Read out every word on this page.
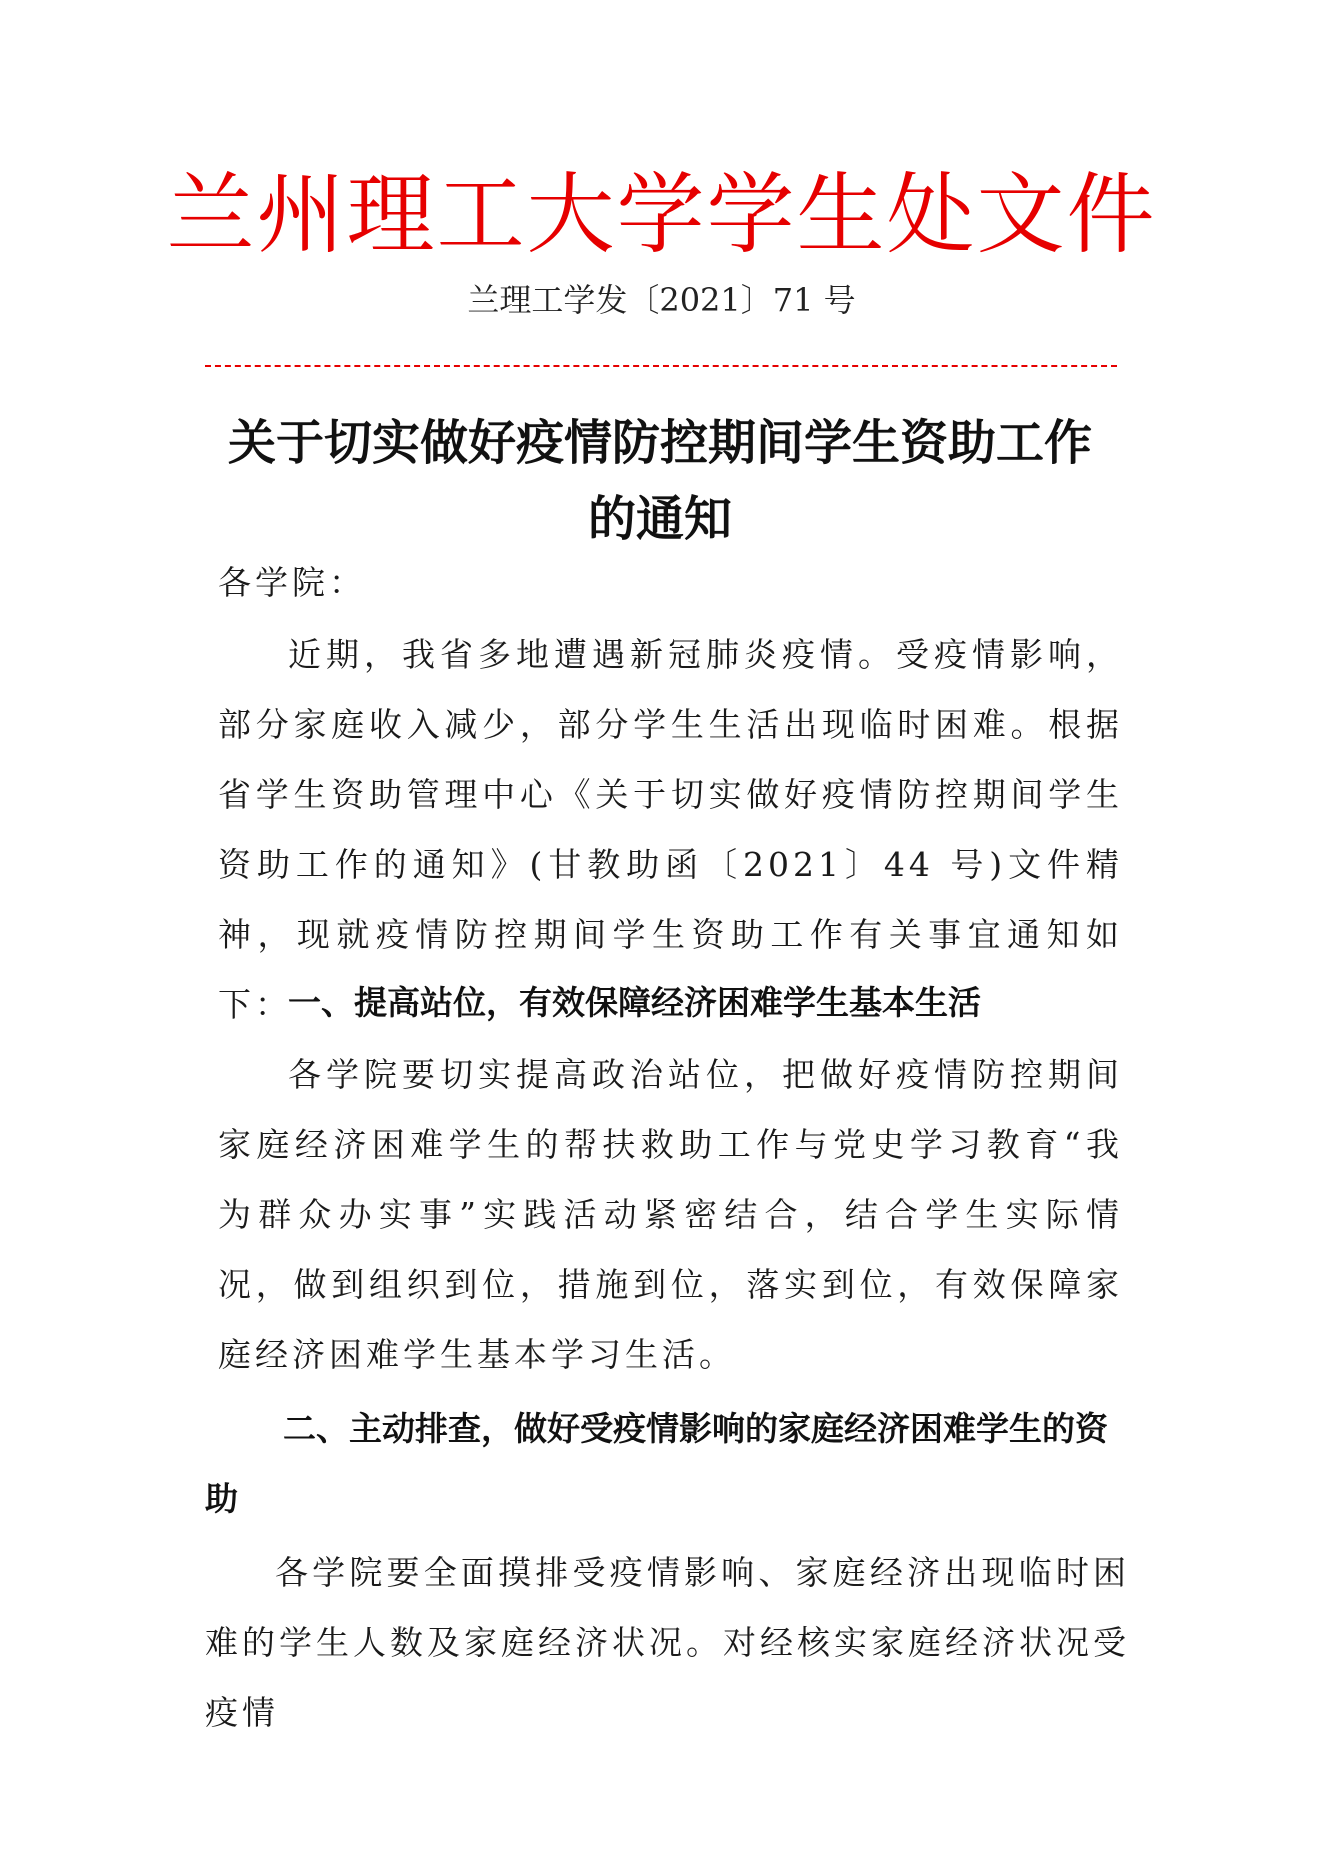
兰州理工大学学生处文件
兰理工学发〔2021〕71 号
关于切实做好疫情防控期间学生资助工作
的通知
各学院：
近期，我省多地遭遇新冠肺炎疫情。受疫情影响，部分家庭收入减少，部分学生生活出现临时困难。根据省学生资助管理中心《关于切实做好疫情防控期间学生资助工作的通知》(甘教助函〔2021〕44 号)文件精神，现就疫情防控期间学生资助工作有关事宜通知如下：
一、提高站位，有效保障经济困难学生基本生活
各学院要切实提高政治站位，把做好疫情防控期间家庭经济困难学生的帮扶救助工作与党史学习教育“我为群众办实事”实践活动紧密结合，结合学生实际情况，做到组织到位，措施到位，落实到位，有效保障家庭经济困难学生基本学习生活。
二、主动排查，做好受疫情影响的家庭经济困难学生的资助
各学院要全面摸排受疫情影响、家庭经济出现临时困难的学生人数及家庭经济状况。对经核实家庭经济状况受疫情
